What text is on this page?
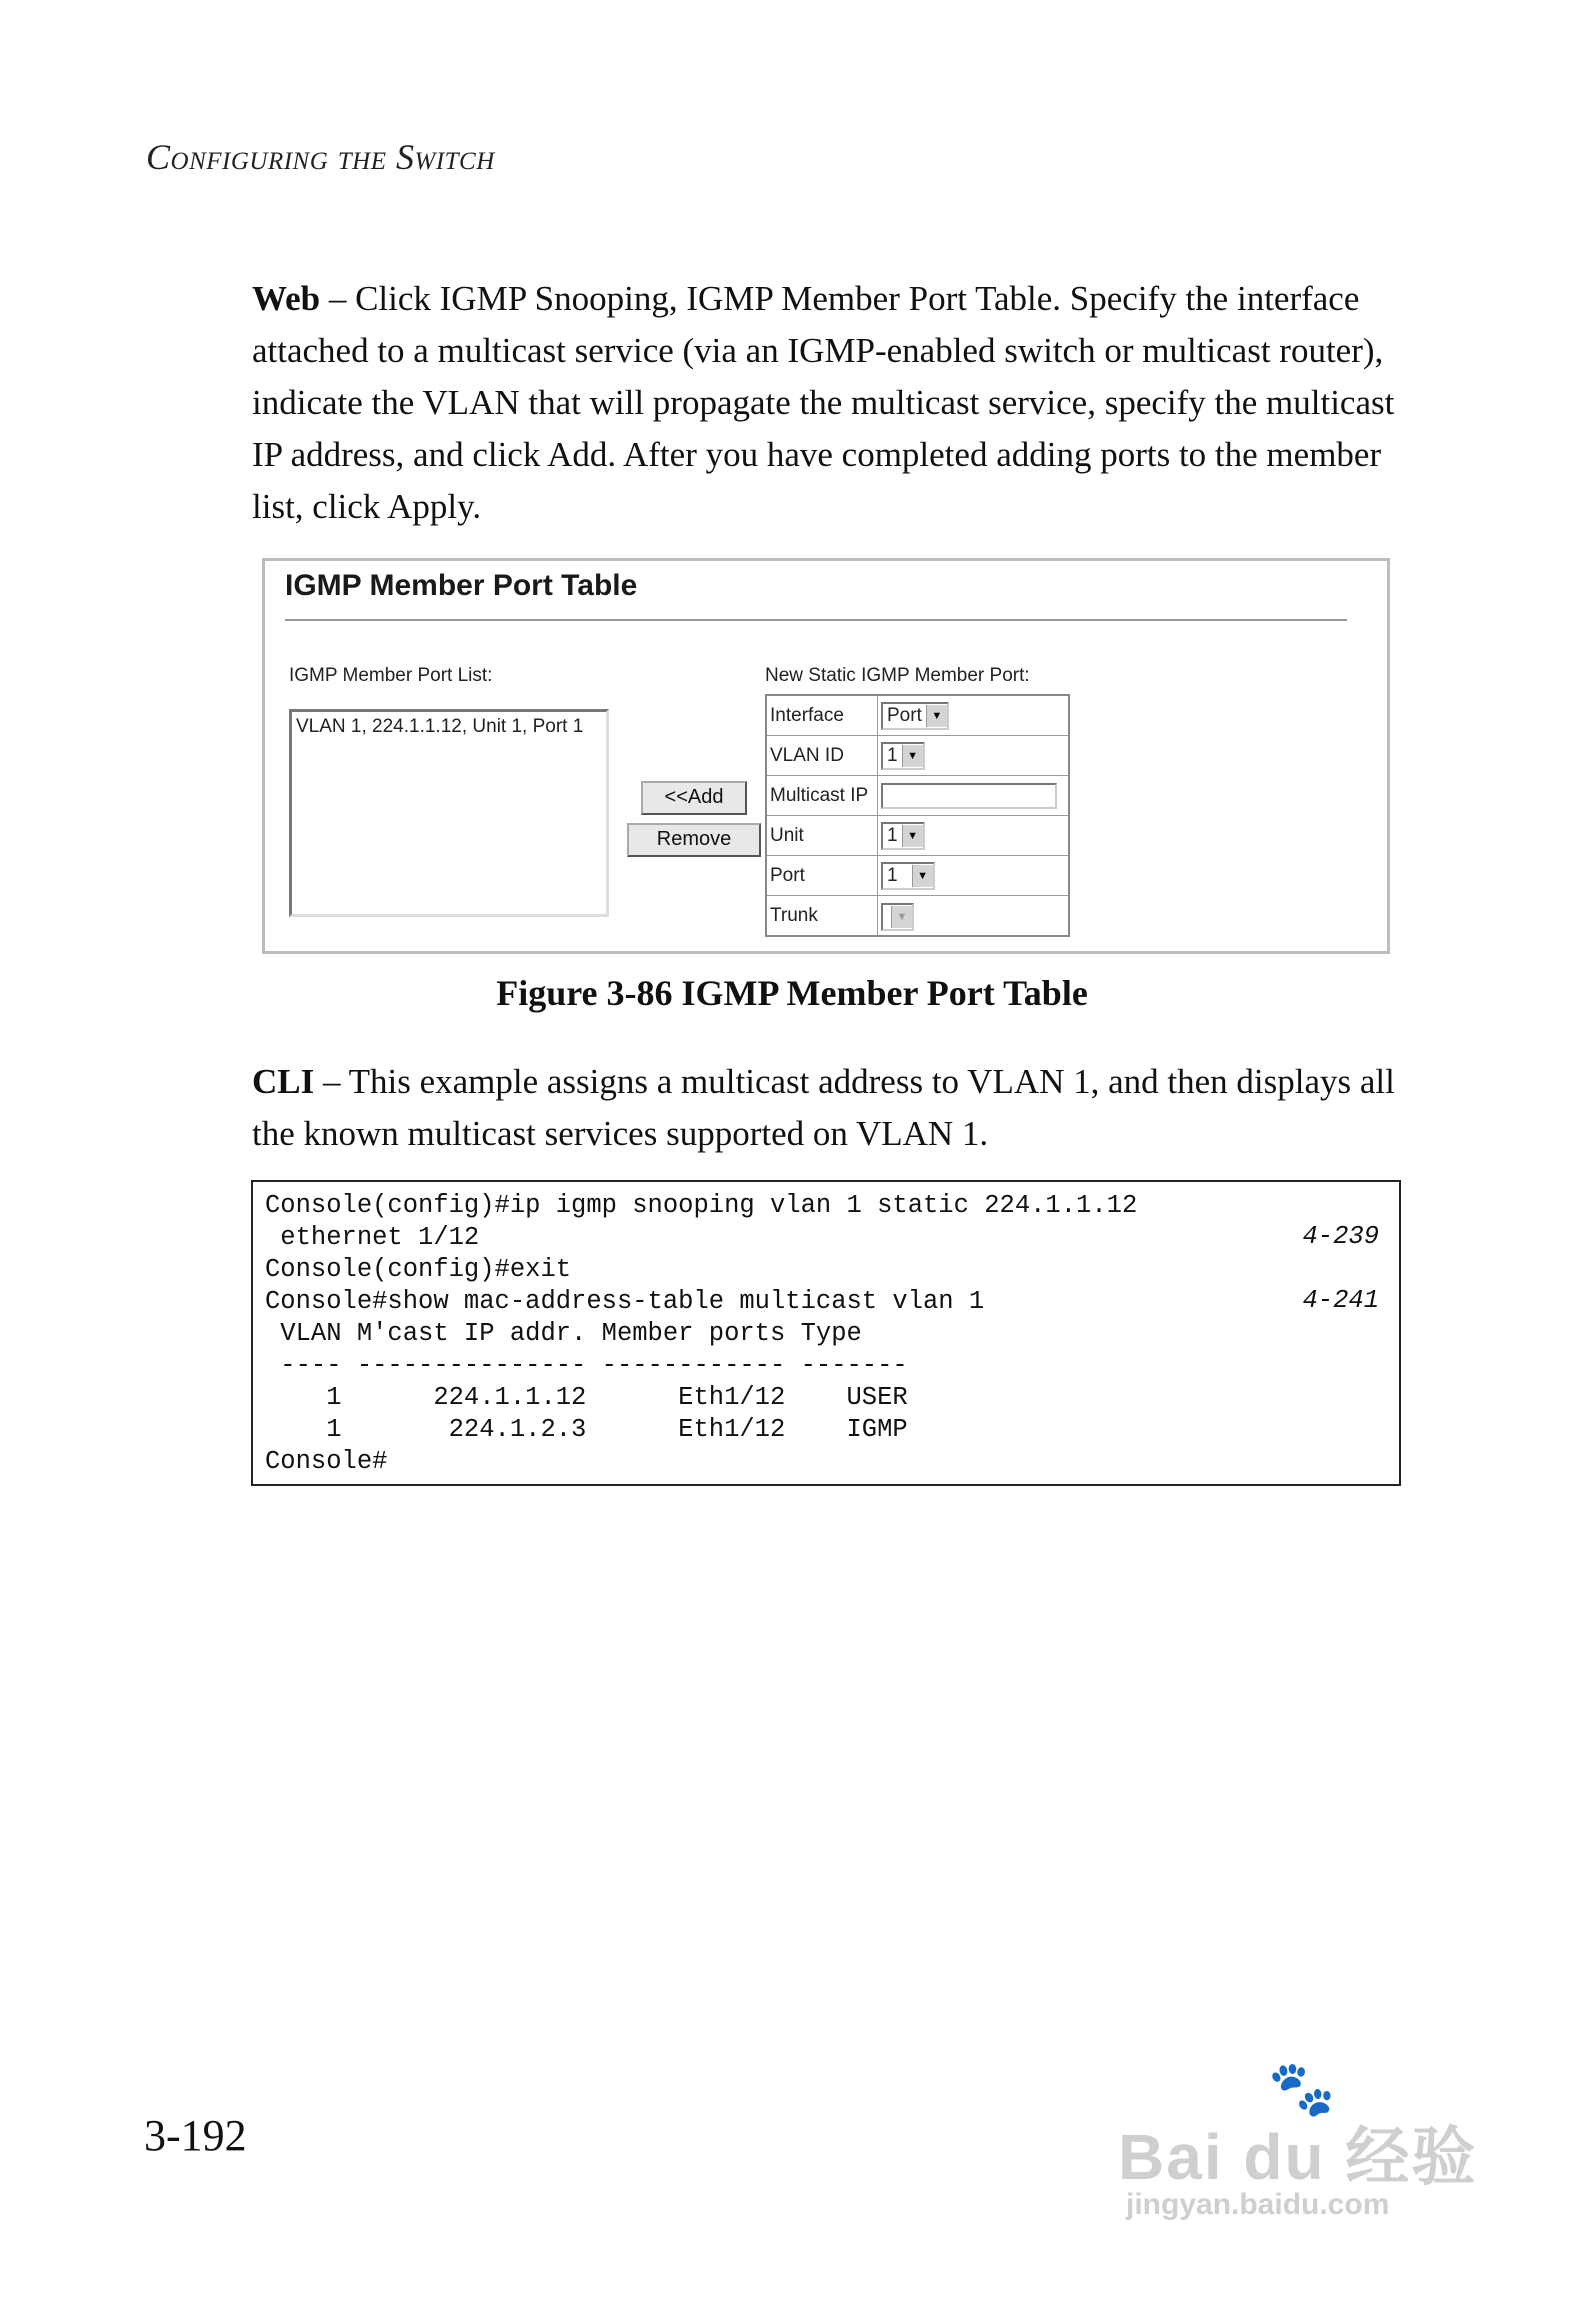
Configuring the Switch
Web – Click IGMP Snooping, IGMP Member Port Table. Specify the interface attached to a multicast service (via an IGMP-enabled switch or multicast router), indicate the VLAN that will propagate the multicast service, specify the multicast IP address, and click Add. After you have completed adding ports to the member list, click Apply.
IGMP Member Port Table
IGMP Member Port List:
VLAN 1, 224.1.1.12, Unit 1, Port 1
<<Add
Remove
New Static IGMP Member Port:
Interface	Port ▼

VLAN ID	1 ▼

Multicast IP	

Unit	1 ▼

Port	1 ▼

Trunk	▼
Figure 3-86 IGMP Member Port Table
CLI – This example assigns a multicast address to VLAN 1, and then displays all the known multicast services supported on VLAN 1.
Console(config)#ip igmp snooping vlan 1 static 224.1.1.12
ethernet 1/12
Console(config)#exit
Console#show mac-address-table multicast vlan 1
VLAN M'cast IP addr. Member ports Type
---- --------------- ------------ -------
1      224.1.1.12      Eth1/12    USER
1       224.1.2.3      Eth1/12    IGMP
Console#
4-239
4-241
3-192
🐾
Bai du 经验
jingyan.baidu.com
